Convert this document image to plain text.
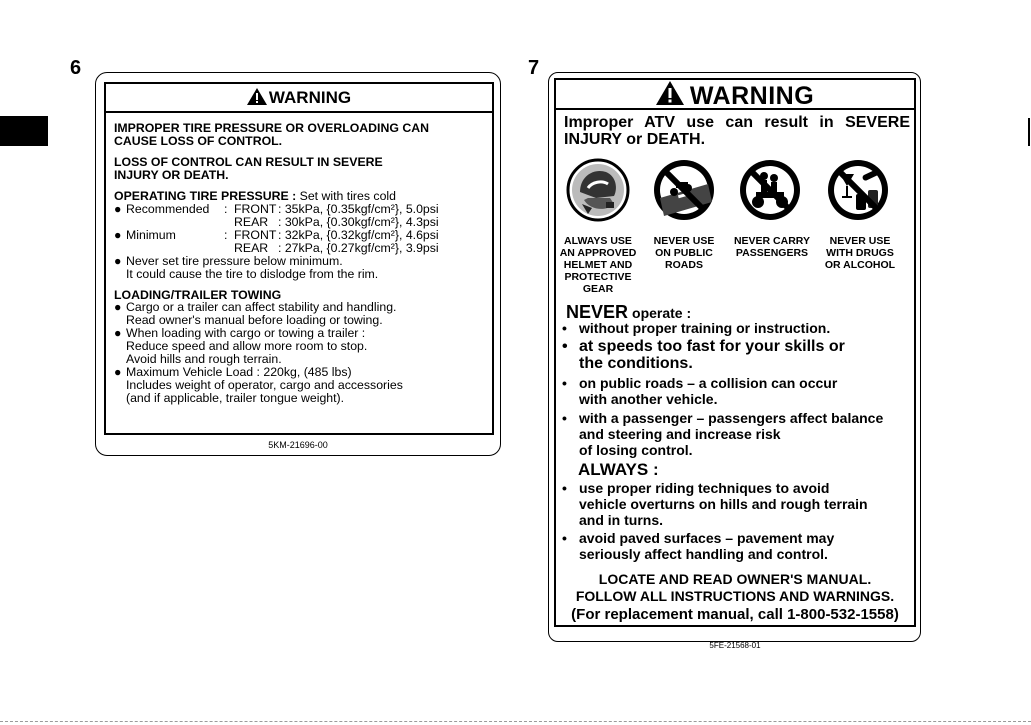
6	7
WARNING
IMPROPER TIRE PRESSURE OR OVERLOADING CAN
CAUSE LOSS OF CONTROL.
LOSS OF CONTROL CAN RESULT IN SEVERE
INJURY OR DEATH.
OPERATING TIRE PRESSURE : Set with tires cold
● Recommended : FRONT : 35kPa, {0.35kgf/cm²}, 5.0psi
REAR : 30kPa, {0.30kgf/cm²}, 4.3psi
● Minimum	: FRONT : 32kPa, {0.32kgf/cm²}, 4.6psi
REAR : 27kPa, {0.27kgf/cm²}, 3.9psi
● Never set tire pressure below minimum.
It could cause the tire to dislodge from the rim.
LOADING/TRAILER TOWING
● Cargo or a trailer can affect stability and handling.
Read owner's manual before loading or towing.
● When loading with cargo or towing a trailer :
Reduce speed and allow more room to stop.
Avoid hills and rough terrain.
● Maximum Vehicle Load : 220kg, (485 lbs)
Includes weight of operator, cargo and accessories
(and if applicable, trailer tongue weight).
5KM-21696-00
WARNING
Improper ATV use can result in SEVERE
INJURY or DEATH.
ALWAYS USE
AN APPROVED
HELMET AND
PROTECTIVE
GEAR
NEVER USE
ON PUBLIC
ROADS
NEVER CARRY
PASSENGERS
NEVER USE
WITH DRUGS
OR ALCOHOL
NEVER operate :
• without proper training or instruction.
• at speeds too fast for your skills or
the conditions.
• on public roads – a collision can occur
with another vehicle.
• with a passenger – passengers affect balance
and steering and increase risk
of losing control.
ALWAYS :
• use proper riding techniques to avoid
vehicle overturns on hills and rough terrain
and in turns.
• avoid paved surfaces – pavement may
seriously affect handling and control.
LOCATE AND READ OWNER'S MANUAL.
FOLLOW ALL INSTRUCTIONS AND WARNINGS.
(For replacement manual, call 1-800-532-1558)
5FE-21568-01
